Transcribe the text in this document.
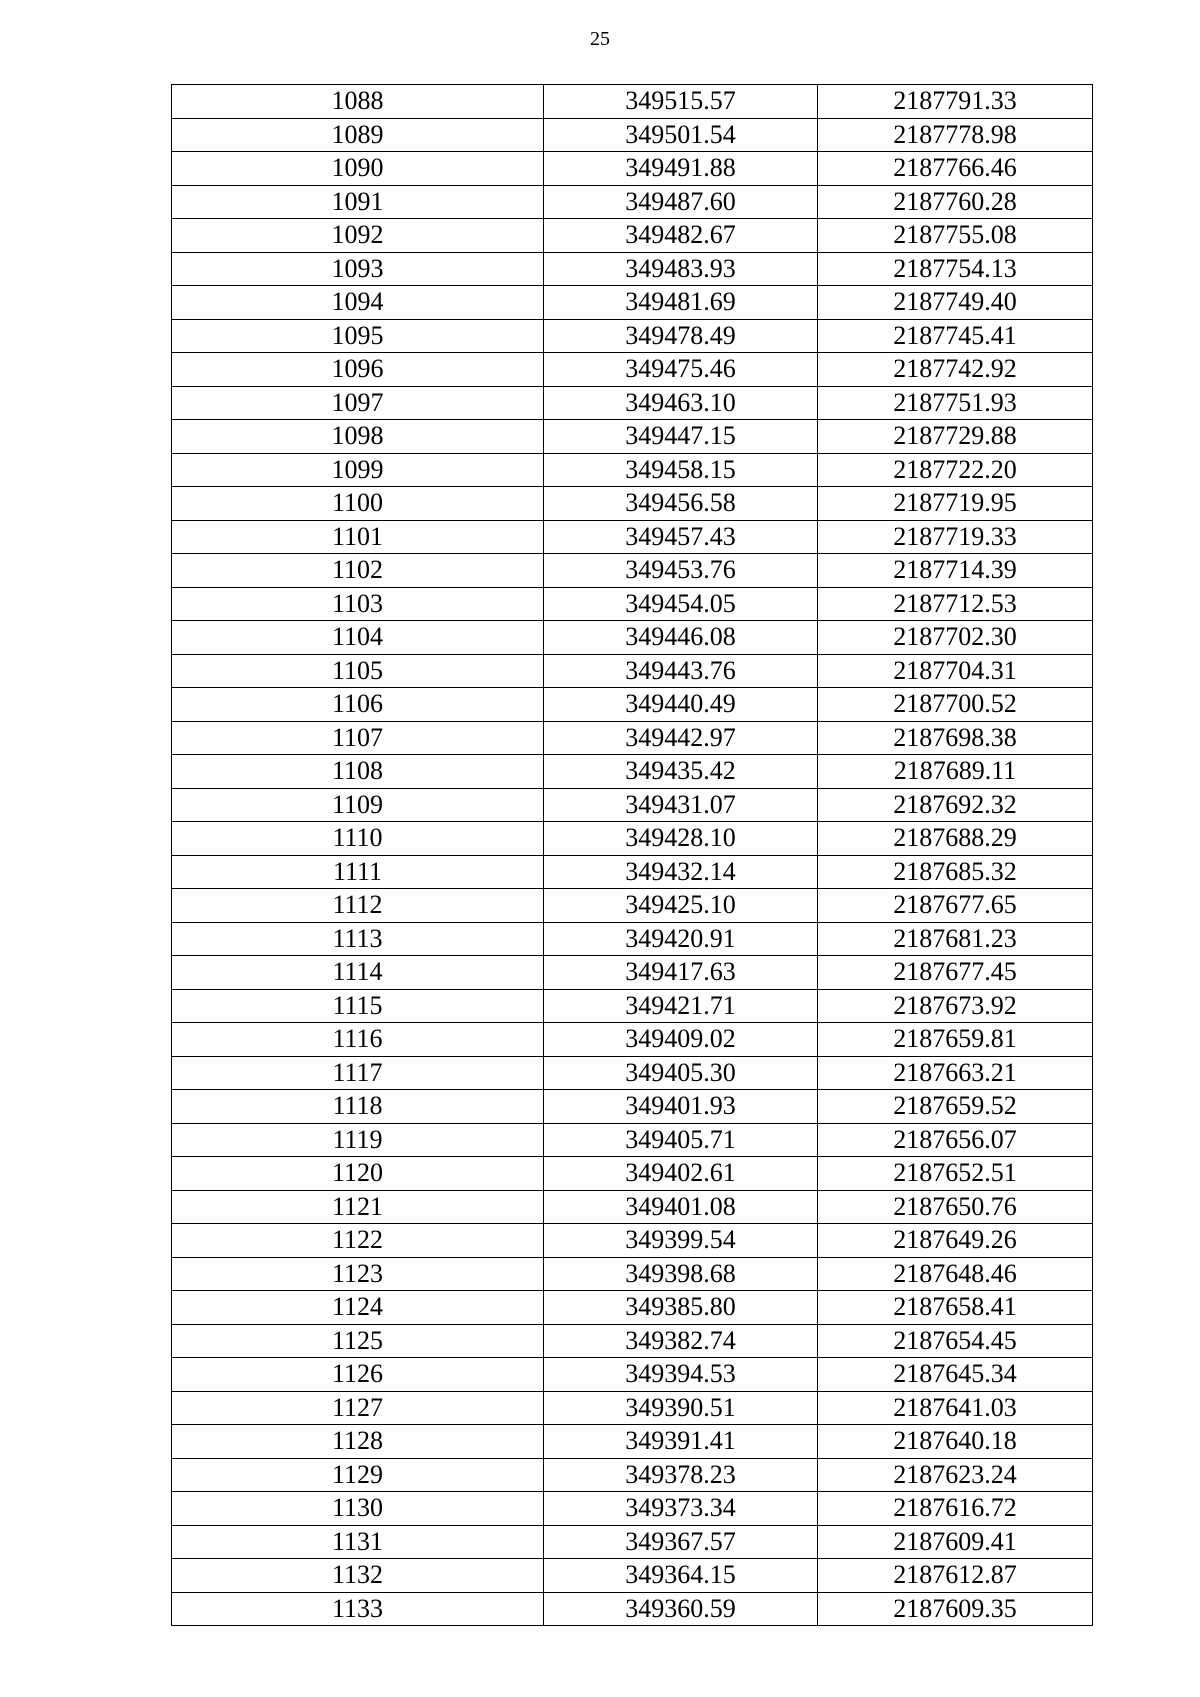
25
1088	349515.57	2187791.33
1089	349501.54	2187778.98
1090	349491.88	2187766.46
1091	349487.60	2187760.28
1092	349482.67	2187755.08
1093	349483.93	2187754.13
1094	349481.69	2187749.40
1095	349478.49	2187745.41
1096	349475.46	2187742.92
1097	349463.10	2187751.93
1098	349447.15	2187729.88
1099	349458.15	2187722.20
1100	349456.58	2187719.95
1101	349457.43	2187719.33
1102	349453.76	2187714.39
1103	349454.05	2187712.53
1104	349446.08	2187702.30
1105	349443.76	2187704.31
1106	349440.49	2187700.52
1107	349442.97	2187698.38
1108	349435.42	2187689.11
1109	349431.07	2187692.32
1110	349428.10	2187688.29
1111	349432.14	2187685.32
1112	349425.10	2187677.65
1113	349420.91	2187681.23
1114	349417.63	2187677.45
1115	349421.71	2187673.92
1116	349409.02	2187659.81
1117	349405.30	2187663.21
1118	349401.93	2187659.52
1119	349405.71	2187656.07
1120	349402.61	2187652.51
1121	349401.08	2187650.76
1122	349399.54	2187649.26
1123	349398.68	2187648.46
1124	349385.80	2187658.41
1125	349382.74	2187654.45
1126	349394.53	2187645.34
1127	349390.51	2187641.03
1128	349391.41	2187640.18
1129	349378.23	2187623.24
1130	349373.34	2187616.72
1131	349367.57	2187609.41
1132	349364.15	2187612.87
1133	349360.59	2187609.35
